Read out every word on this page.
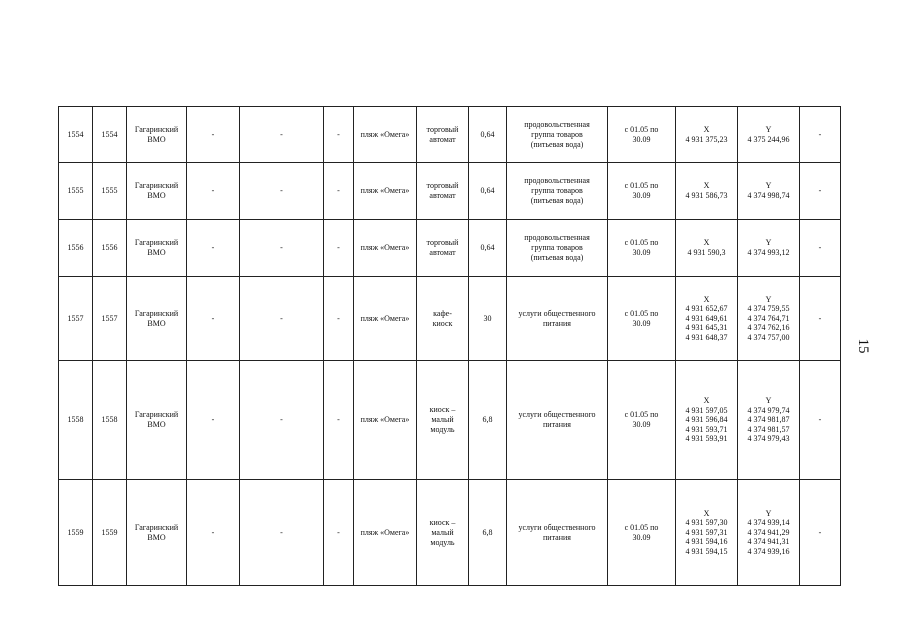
1554	1554	Гагаринский
ВМО	-	-	-	пляж «Омега»	торговый
автомат	0,64	продовольственная
группа товаров
(питьевая вода)	с 01.05 по
30.09	X
4 931 375,23	Y
4 375 244,96	-

1555	1555	Гагаринский
ВМО	-	-	-	пляж «Омега»	торговый
автомат	0,64	продовольственная
группа товаров
(питьевая вода)	с 01.05 по
30.09	X
4 931 586,73	Y
4 374 998,74	-

1556	1556	Гагаринский
ВМО	-	-	-	пляж «Омега»	торговый
автомат	0,64	продовольственная
группа товаров
(питьевая вода)	с 01.05 по
30.09	X
4 931 590,3	Y
4 374 993,12	-

1557	1557	Гагаринский
ВМО	-	-	-	пляж «Омега»	кафе-
киоск	30	услуги общественного
питания	с 01.05 по
30.09	X
4 931 652,67
4 931 649,61
4 931 645,31
4 931 648,37	Y
4 374 759,55
4 374 764,71
4 374 762,16
4 374 757,00	-

1558	1558	Гагаринский
ВМО	-	-	-	пляж «Омега»	киоск –
малый
модуль	6,8	услуги общественного
питания	с 01.05 по
30.09	X
4 931 597,05
4 931 596,84
4 931 593,71
4 931 593,91	Y
4 374 979,74
4 374 981,87
4 374 981,57
4 374 979,43	-

1559	1559	Гагаринский
ВМО	-	-	-	пляж «Омега»	киоск –
малый
модуль	6,8	услуги общественного
питания	с 01.05 по
30.09	X
4 931 597,30
4 931 597,31
4 931 594,16
4 931 594,15	Y
4 374 939,14
4 374 941,29
4 374 941,31
4 374 939,16	-
15
